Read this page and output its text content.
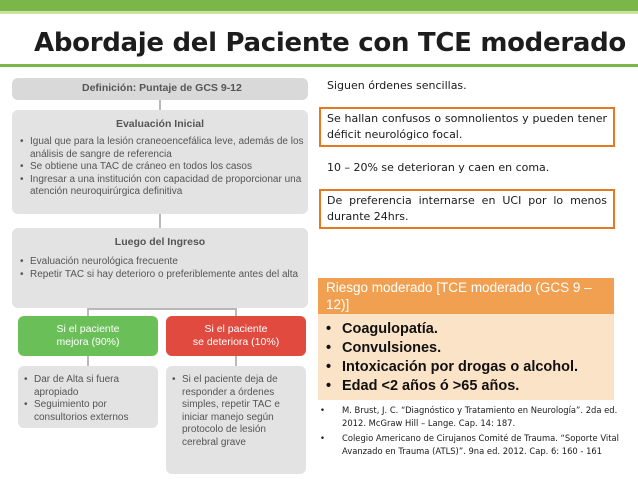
Abordaje del Paciente con TCE moderado
Definición: Puntaje de GCS 9-12
Evaluación Inicial
• Igual que para la lesión craneoencefálica leve, además de los análisis de sangre de referencia
• Se obtiene una TAC de cráneo en todos los casos
• Ingresar a una institución con capacidad de proporcionar una atención neuroquirúrgica definitiva
Luego del Ingreso
• Evaluación neurológica frecuente
• Repetir TAC si hay deterioro o preferiblemente antes del alta
Si el paciente
mejora (90%)
Si el paciente
se deteriora (10%)
• Dar de Alta si fuera apropiado
• Seguimiento por consultorios externos
• Si el paciente deja de responder a órdenes simples, repetir TAC e iniciar manejo según protocolo de lesión cerebral grave
Siguen órdenes sencillas.
Se hallan confusos o somnolientos y pueden tener déficit neurológico focal.
10 – 20% se deterioran y caen en coma.
De preferencia internarse en UCI por lo menos durante 24hrs.
Riesgo moderado [TCE moderado (GCS 9 – 12)]
• Coagulopatía.
• Convulsiones.
• Intoxicación por drogas o alcohol.
• Edad <2 años ó >65 años.
• M. Brust, J. C. “Diagnóstico y Tratamiento en Neurología”. 2da ed. 2012. McGraw Hill – Lange. Cap. 14: 187.
• Colegio Americano de Cirujanos Comité de Trauma. “Soporte Vital Avanzado en Trauma (ATLS)”. 9na ed. 2012. Cap. 6: 160 - 161
